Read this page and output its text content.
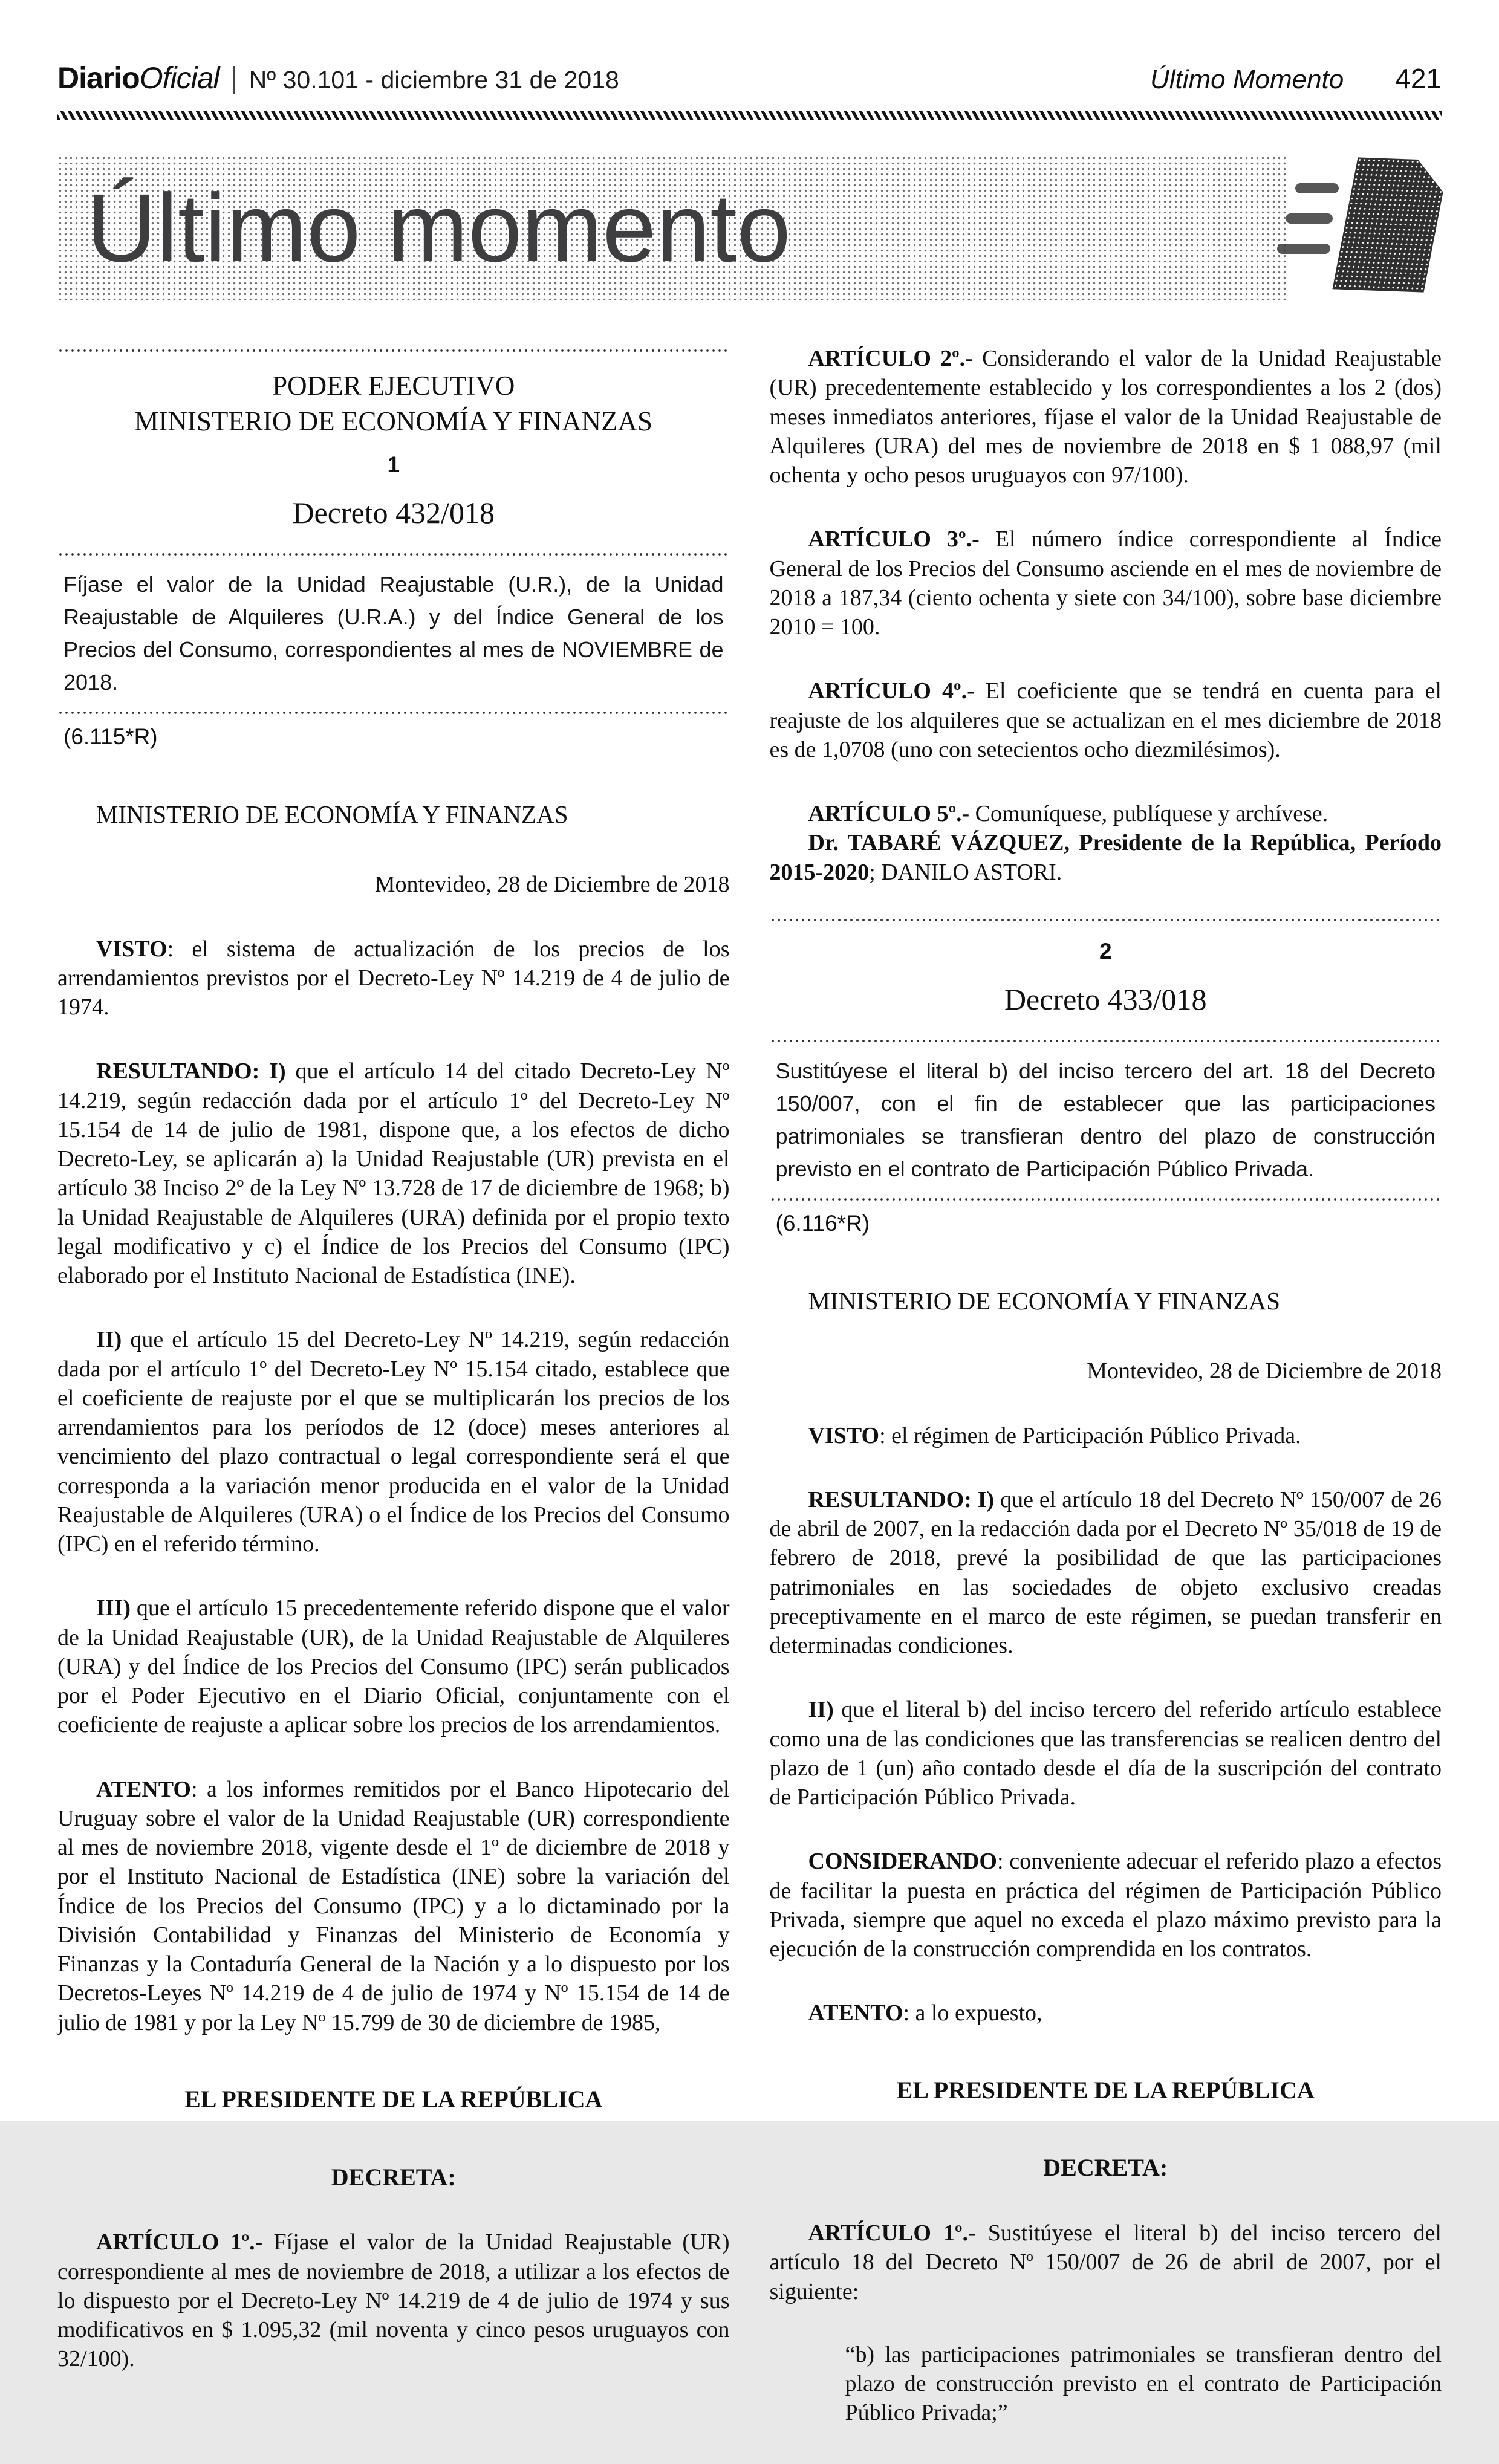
Diario Oficial	Nº 30.101 - diciembre 31 de 2018	Último Momento 421
Último momento
PODER EJECUTIVO
MINISTERIO DE ECONOMÍA Y FINANZAS
1
Decreto 432/018

Fíjase el valor de la Unidad Reajustable (U.R.), de la Unidad Reajustable de Alquileres (U.R.A.) y del Índice General de los Precios del Consumo, correspondientes al mes de NOVIEMBRE de 2018.

(6.115*R)

MINISTERIO DE ECONOMÍA Y FINANZAS

Montevideo, 28 de Diciembre de 2018

VISTO: el sistema de actualización de los precios de los arrendamientos previstos por el Decreto-Ley Nº 14.219 de 4 de julio de 1974.

RESULTANDO: I) que el artículo 14 del citado Decreto-Ley Nº 14.219, según redacción dada por el artículo 1º del Decreto-Ley Nº 15.154 de 14 de julio de 1981, dispone que, a los efectos de dicho Decreto-Ley, se aplicarán a) la Unidad Reajustable (UR) prevista en el artículo 38 Inciso 2º de la Ley Nº 13.728 de 17 de diciembre de 1968; b) la Unidad Reajustable de Alquileres (URA) definida por el propio texto legal modificativo y c) el Índice de los Precios del Consumo (IPC) elaborado por el Instituto Nacional de Estadística (INE).

II) que el artículo 15 del Decreto-Ley Nº 14.219, según redacción dada por el artículo 1º del Decreto-Ley Nº 15.154 citado, establece que el coeficiente de reajuste por el que se multiplicarán los precios de los arrendamientos para los períodos de 12 (doce) meses anteriores al vencimiento del plazo contractual o legal correspondiente será el que corresponda a la variación menor producida en el valor de la Unidad Reajustable de Alquileres (URA) o el Índice de los Precios del Consumo (IPC) en el referido término.

III) que el artículo 15 precedentemente referido dispone que el valor de la Unidad Reajustable (UR), de la Unidad Reajustable de Alquileres (URA) y del Índice de los Precios del Consumo (IPC) serán publicados por el Poder Ejecutivo en el Diario Oficial, conjuntamente con el coeficiente de reajuste a aplicar sobre los precios de los arrendamientos.

ATENTO: a los informes remitidos por el Banco Hipotecario del Uruguay sobre el valor de la Unidad Reajustable (UR) correspondiente al mes de noviembre 2018, vigente desde el 1º de diciembre de 2018 y por el Instituto Nacional de Estadística (INE) sobre la variación del Índice de los Precios del Consumo (IPC) y a lo dictaminado por la División Contabilidad y Finanzas del Ministerio de Economía y Finanzas y la Contaduría General de la Nación y a lo dispuesto por los Decretos-Leyes Nº 14.219 de 4 de julio de 1974 y Nº 15.154 de 14 de julio de 1981 y por la Ley Nº 15.799 de 30 de diciembre de 1985,

EL PRESIDENTE DE LA REPÚBLICA

DECRETA:

ARTÍCULO 1º.- Fíjase el valor de la Unidad Reajustable (UR) correspondiente al mes de noviembre de 2018, a utilizar a los efectos de lo dispuesto por el Decreto-Ley Nº 14.219 de 4 de julio de 1974 y sus modificativos en $ 1.095,32 (mil noventa y cinco pesos uruguayos con 32/100).

ARTÍCULO 2º.- Considerando el valor de la Unidad Reajustable (UR) precedentemente establecido y los correspondientes a los 2 (dos) meses inmediatos anteriores, fíjase el valor de la Unidad Reajustable de Alquileres (URA) del mes de noviembre de 2018 en $ 1 088,97 (mil ochenta y ocho pesos uruguayos con 97/100).

ARTÍCULO 3º.- El número índice correspondiente al Índice General de los Precios del Consumo asciende en el mes de noviembre de 2018 a 187,34 (ciento ochenta y siete con 34/100), sobre base diciembre 2010 = 100.

ARTÍCULO 4º.- El coeficiente que se tendrá en cuenta para el reajuste de los alquileres que se actualizan en el mes diciembre de 2018 es de 1,0708 (uno con setecientos ocho diezmilésimos).

ARTÍCULO 5º.- Comuníquese, publíquese y archívese.

Dr. TABARÉ VÁZQUEZ, Presidente de la República, Período 2015-2020; DANILO ASTORI.

2
Decreto 433/018

Sustitúyese el literal b) del inciso tercero del art. 18 del Decreto 150/007, con el fin de establecer que las participaciones patrimoniales se transfieran dentro del plazo de construcción previsto en el contrato de Participación Público Privada.

(6.116*R)

MINISTERIO DE ECONOMÍA Y FINANZAS

Montevideo, 28 de Diciembre de 2018

VISTO: el régimen de Participación Público Privada.

RESULTANDO: I) que el artículo 18 del Decreto Nº 150/007 de 26 de abril de 2007, en la redacción dada por el Decreto Nº 35/018 de 19 de febrero de 2018, prevé la posibilidad de que las participaciones patrimoniales en las sociedades de objeto exclusivo creadas preceptivamente en el marco de este régimen, se puedan transferir en determinadas condiciones.

II) que el literal b) del inciso tercero del referido artículo establece como una de las condiciones que las transferencias se realicen dentro del plazo de 1 (un) año contado desde el día de la suscripción del contrato de Participación Público Privada.

CONSIDERANDO: conveniente adecuar el referido plazo a efectos de facilitar la puesta en práctica del régimen de Participación Público Privada, siempre que aquel no exceda el plazo máximo previsto para la ejecución de la construcción comprendida en los contratos.

ATENTO: a lo expuesto,

EL PRESIDENTE DE LA REPÚBLICA

DECRETA:

ARTÍCULO 1º.- Sustitúyese el literal b) del inciso tercero del artículo 18 del Decreto Nº 150/007 de 26 de abril de 2007, por el siguiente:

“b) las participaciones patrimoniales se transfieran dentro del plazo de construcción previsto en el contrato de Participación Público Privada;”
